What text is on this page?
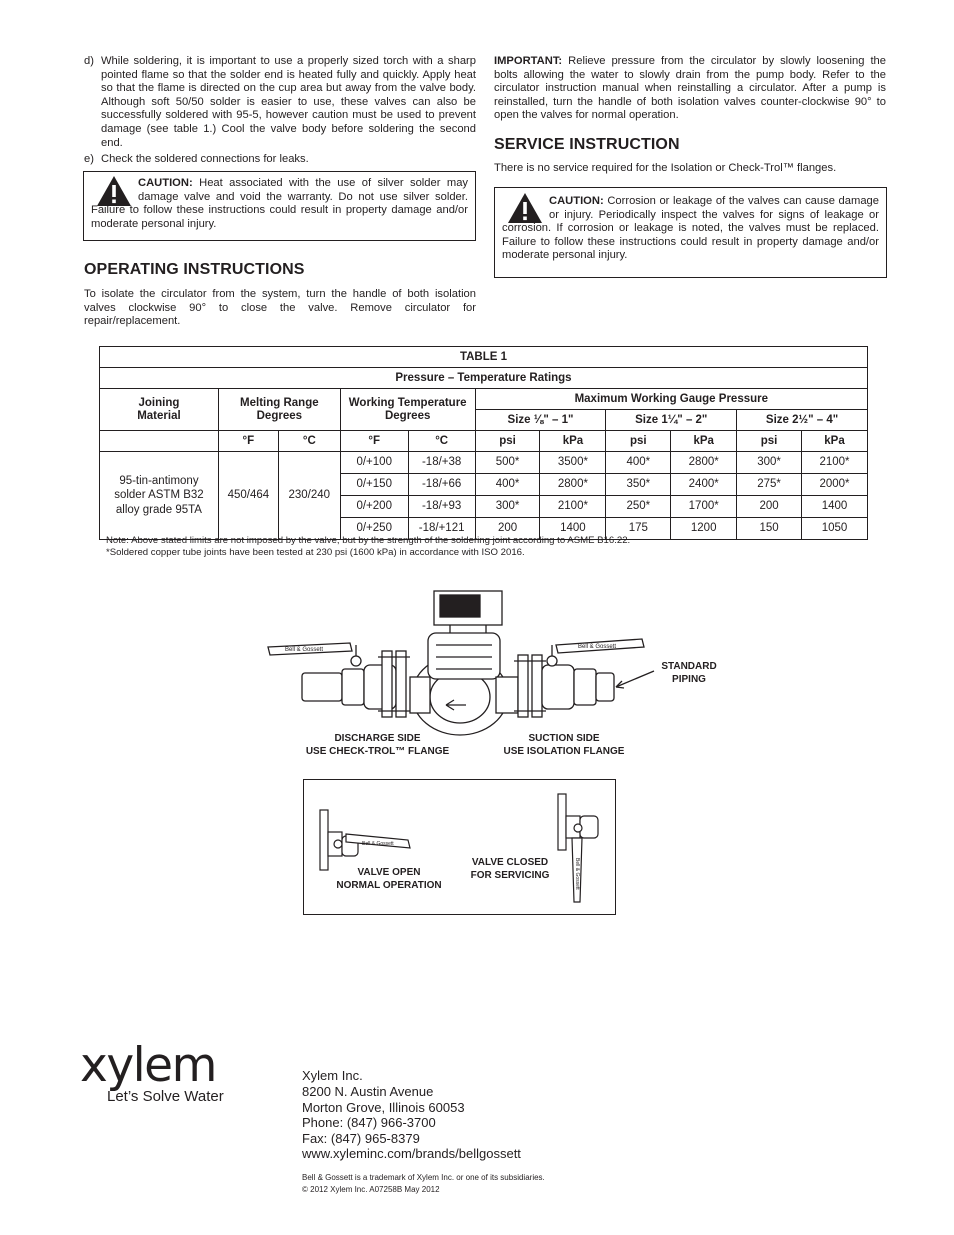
d) While soldering, it is important to use a properly sized torch with a sharp pointed flame so that the solder end is heated fully and quickly. Apply heat so that the flame is directed on the cup area but away from the valve body. Although soft 50/50 solder is easier to use, these valves can also be successfully soldered with 95-5, however caution must be used to prevent damage (see table 1.) Cool the valve body before soldering the second end.
e) Check the soldered connections for leaks.
CAUTION: Heat associated with the use of silver solder may damage valve and void the warranty. Do not use silver solder. Failure to follow these instructions could result in property damage and/or moderate personal injury.
OPERATING INSTRUCTIONS
To isolate the circulator from the system, turn the handle of both isolation valves clockwise 90° to close the valve. Remove circulator for repair/replacement.
IMPORTANT: Relieve pressure from the circulator by slowly loosening the bolts allowing the water to slowly drain from the pump body. Refer to the circulator instruction manual when reinstalling a circulator. After a pump is reinstalled, turn the handle of both isolation valves counter-clockwise 90° to open the valves for normal operation.
SERVICE INSTRUCTION
There is no service required for the Isolation or Check-Trol™ flanges.
CAUTION: Corrosion or leakage of the valves can cause damage or injury. Periodically inspect the valves for signs of leakage or corrosion. If corrosion or leakage is noted, the valves must be replaced. Failure to follow these instructions could result in property damage and/or moderate personal injury.
TABLE 1										
Pressure – Temperature Ratings										
Joining Material	Melting Range Degrees		Working Temperature Degrees		Maximum Working Gauge Pressure					
					Size ⅛" – 1"		Size 1¼" – 2"		Size 2½" – 4"	
	°F	°C	°F	°C	psi	kPa	psi	kPa	psi	kPa
95-tin-antimony solder ASTM B32 alloy grade 95TA	450/464	230/240	0/+100	-18/+38	500*	3500*	400*	2800*	300*	2100*
			0/+150	-18/+66	400*	2800*	350*	2400*	275*	2000*
			0/+200	-18/+93	300*	2100*	250*	1700*	200	1400
			0/+250	-18/+121	200	1400	175	1200	150	1050
Note: Above stated limits are not imposed by the valve, but by the strength of the soldering joint according to ASME B16.22.
*Soldered copper tube joints have been tested at 230 psi (1600 kPa) in accordance with ISO 2016.
Bell & Gossett	Bell & Gossett
STANDARD PIPING
DISCHARGE SIDE
USE CHECK-TROL™ FLANGE
SUCTION SIDE
USE ISOLATION FLANGE
Bell & Gossett
Bell & Gossett
VALVE OPEN
NORMAL OPERATION
VALVE CLOSED
FOR SERVICING
xylem
Let’s Solve Water
Xylem Inc.
8200 N. Austin Avenue
Morton Grove, Illinois 60053
Phone: (847) 966-3700
Fax: (847) 965-8379
www.xyleminc.com/brands/bellgossett
Bell & Gossett is a trademark of Xylem Inc. or one of its subsidiaries.
© 2012 Xylem Inc. A07258B May 2012
